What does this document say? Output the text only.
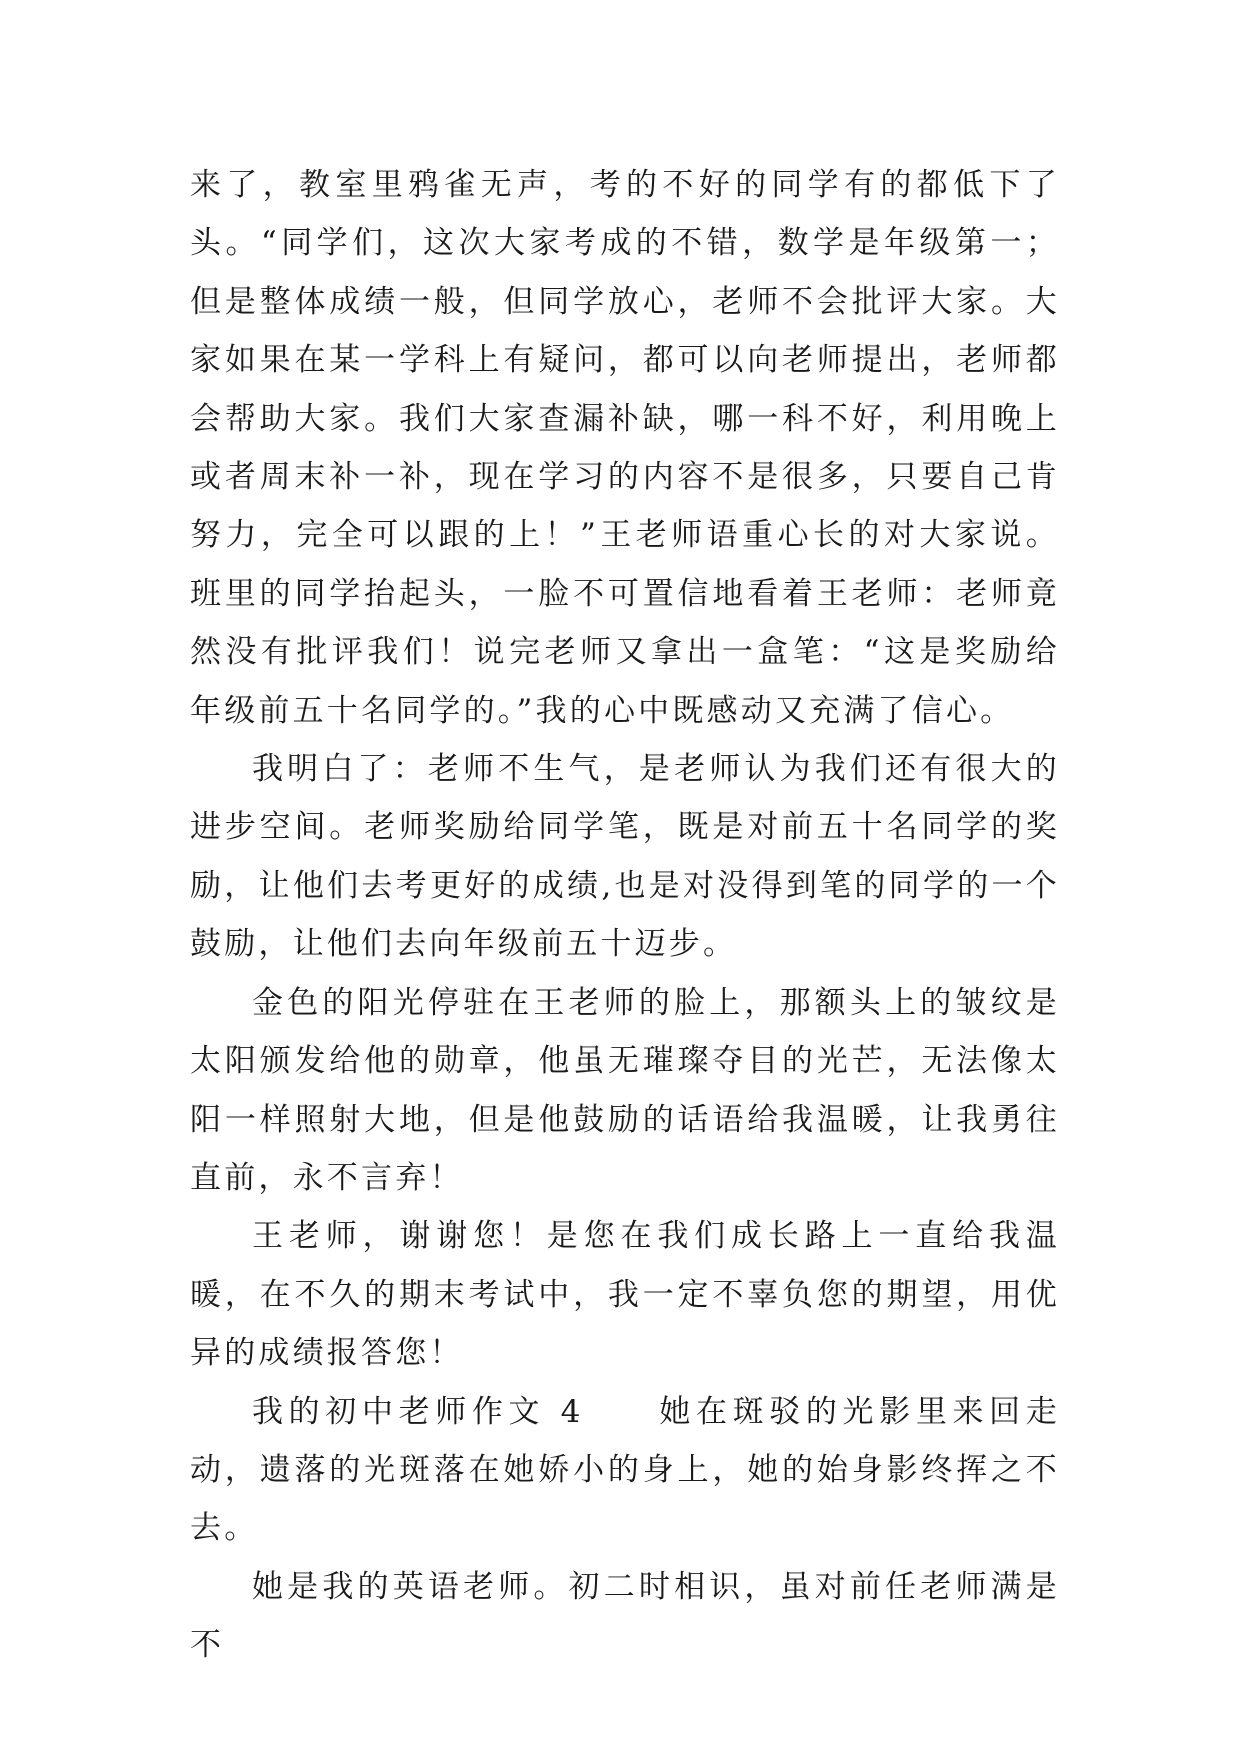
来了，教室里鸦雀无声，考的不好的同学有的都低下了头。“同学们，这次大家考成的不错，数学是年级第一；但是整体成绩一般，但同学放心，老师不会批评大家。大家如果在某一学科上有疑问，都可以向老师提出，老师都会帮助大家。我们大家查漏补缺，哪一科不好，利用晚上或者周末补一补，现在学习的内容不是很多，只要自己肯努力，完全可以跟的上！”王老师语重心长的对大家说。班里的同学抬起头，一脸不可置信地看着王老师：老师竟然没有批评我们！说完老师又拿出一盒笔：“这是奖励给年级前五十名同学的。”我的心中既感动又充满了信心。

我明白了：老师不生气，是老师认为我们还有很大的进步空间。老师奖励给同学笔，既是对前五十名同学的奖励，让他们去考更好的成绩,也是对没得到笔的同学的一个鼓励，让他们去向年级前五十迈步。

金色的阳光停驻在王老师的脸上，那额头上的皱纹是太阳颁发给他的勋章，他虽无璀璨夺目的光芒，无法像太阳一样照射大地，但是他鼓励的话语给我温暖，让我勇往直前，永不言弃！

王老师，谢谢您！是您在我们成长路上一直给我温暖，在不久的期末考试中，我一定不辜负您的期望，用优异的成绩报答您！

我的初中老师作文 4　　她在斑驳的光影里来回走动，遗落的光斑落在她娇小的身上，她的始身影终挥之不去。

她是我的英语老师。初二时相识，虽对前任老师满是不
